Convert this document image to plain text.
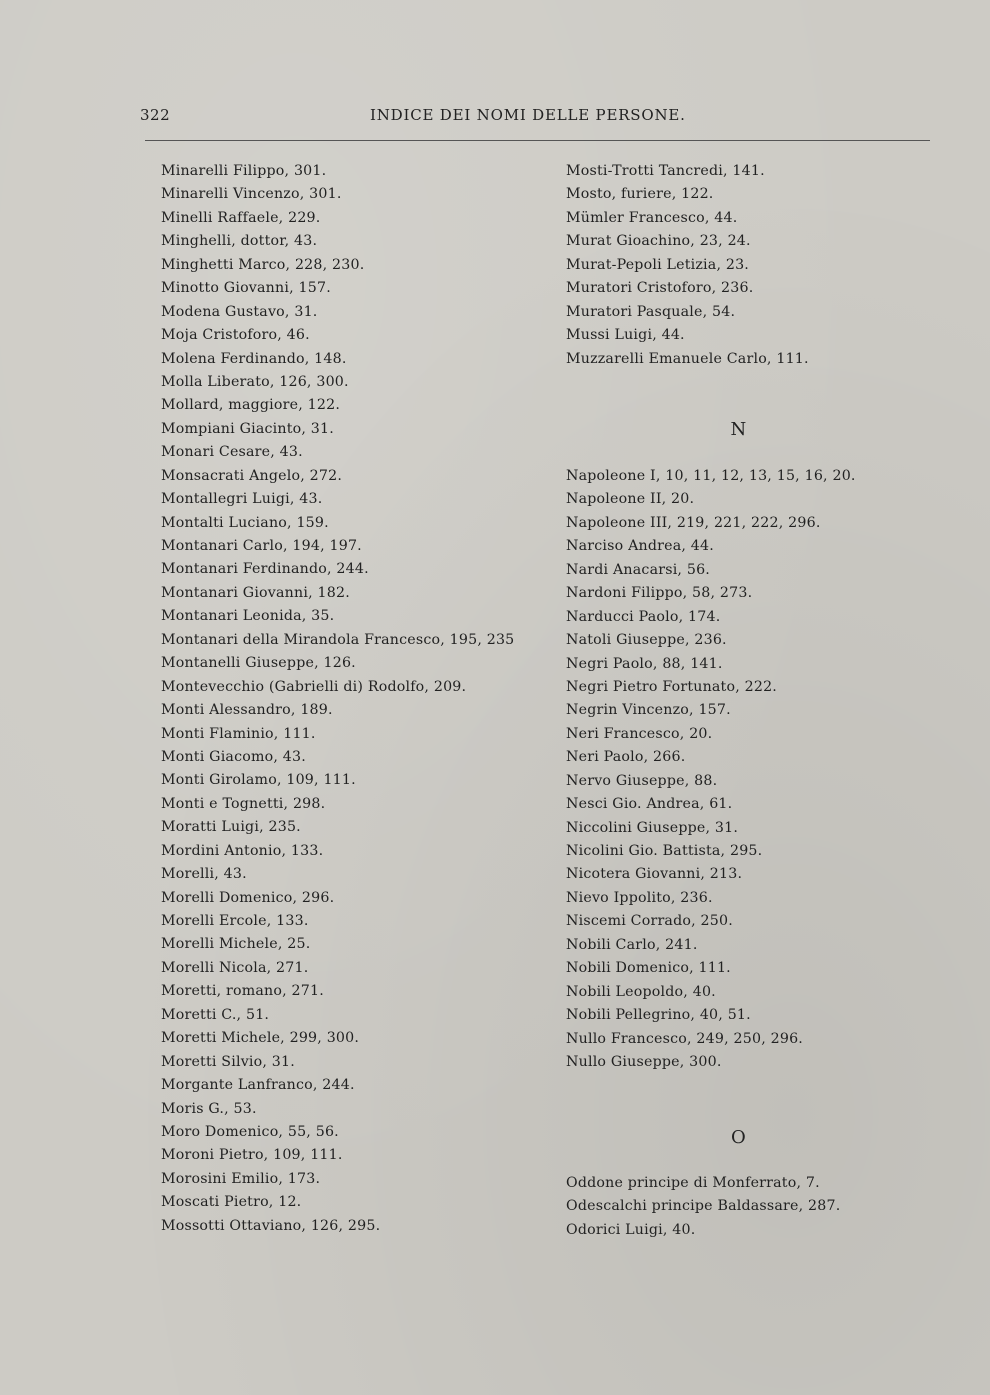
322	INDICE DEI NOMI DELLE PERSONE.
Minarelli Filippo, 301.
Minarelli Vincenzo, 301.
Minelli Raffaele, 229.
Minghelli, dottor, 43.
Minghetti Marco, 228, 230.
Minotto Giovanni, 157.
Modena Gustavo, 31.
Moja Cristoforo, 46.
Molena Ferdinando, 148.
Molla Liberato, 126, 300.
Mollard, maggiore, 122.
Mompiani Giacinto, 31.
Monari Cesare, 43.
Monsacrati Angelo, 272.
Montallegri Luigi, 43.
Montalti Luciano, 159.
Montanari Carlo, 194, 197.
Montanari Ferdinando, 244.
Montanari Giovanni, 182.
Montanari Leonida, 35.
Montanari della Mirandola Francesco, 195, 235
Montanelli Giuseppe, 126.
Montevecchio (Gabrielli di) Rodolfo, 209.
Monti Alessandro, 189.
Monti Flaminio, 111.
Monti Giacomo, 43.
Monti Girolamo, 109, 111.
Monti e Tognetti, 298.
Moratti Luigi, 235.
Mordini Antonio, 133.
Morelli, 43.
Morelli Domenico, 296.
Morelli Ercole, 133.
Morelli Michele, 25.
Morelli Nicola, 271.
Moretti, romano, 271.
Moretti C., 51.
Moretti Michele, 299, 300.
Moretti Silvio, 31.
Morgante Lanfranco, 244.
Moris G., 53.
Moro Domenico, 55, 56.
Moroni Pietro, 109, 111.
Morosini Emilio, 173.
Moscati Pietro, 12.
Mossotti Ottaviano, 126, 295.
Mosti-Trotti Tancredi, 141.
Mosto, furiere, 122.
Mümler Francesco, 44.
Murat Gioachino, 23, 24.
Murat-Pepoli Letizia, 23.
Muratori Cristoforo, 236.
Muratori Pasquale, 54.
Mussi Luigi, 44.
Muzzarelli Emanuele Carlo, 111.
N
Napoleone I, 10, 11, 12, 13, 15, 16, 20.
Napoleone II, 20.
Napoleone III, 219, 221, 222, 296.
Narciso Andrea, 44.
Nardi Anacarsi, 56.
Nardoni Filippo, 58, 273.
Narducci Paolo, 174.
Natoli Giuseppe, 236.
Negri Paolo, 88, 141.
Negri Pietro Fortunato, 222.
Negrin Vincenzo, 157.
Neri Francesco, 20.
Neri Paolo, 266.
Nervo Giuseppe, 88.
Nesci Gio. Andrea, 61.
Niccolini Giuseppe, 31.
Nicolini Gio. Battista, 295.
Nicotera Giovanni, 213.
Nievo Ippolito, 236.
Niscemi Corrado, 250.
Nobili Carlo, 241.
Nobili Domenico, 111.
Nobili Leopoldo, 40.
Nobili Pellegrino, 40, 51.
Nullo Francesco, 249, 250, 296.
Nullo Giuseppe, 300.
O
Oddone principe di Monferrato, 7.
Odescalchi principe Baldassare, 287.
Odorici Luigi, 40.
